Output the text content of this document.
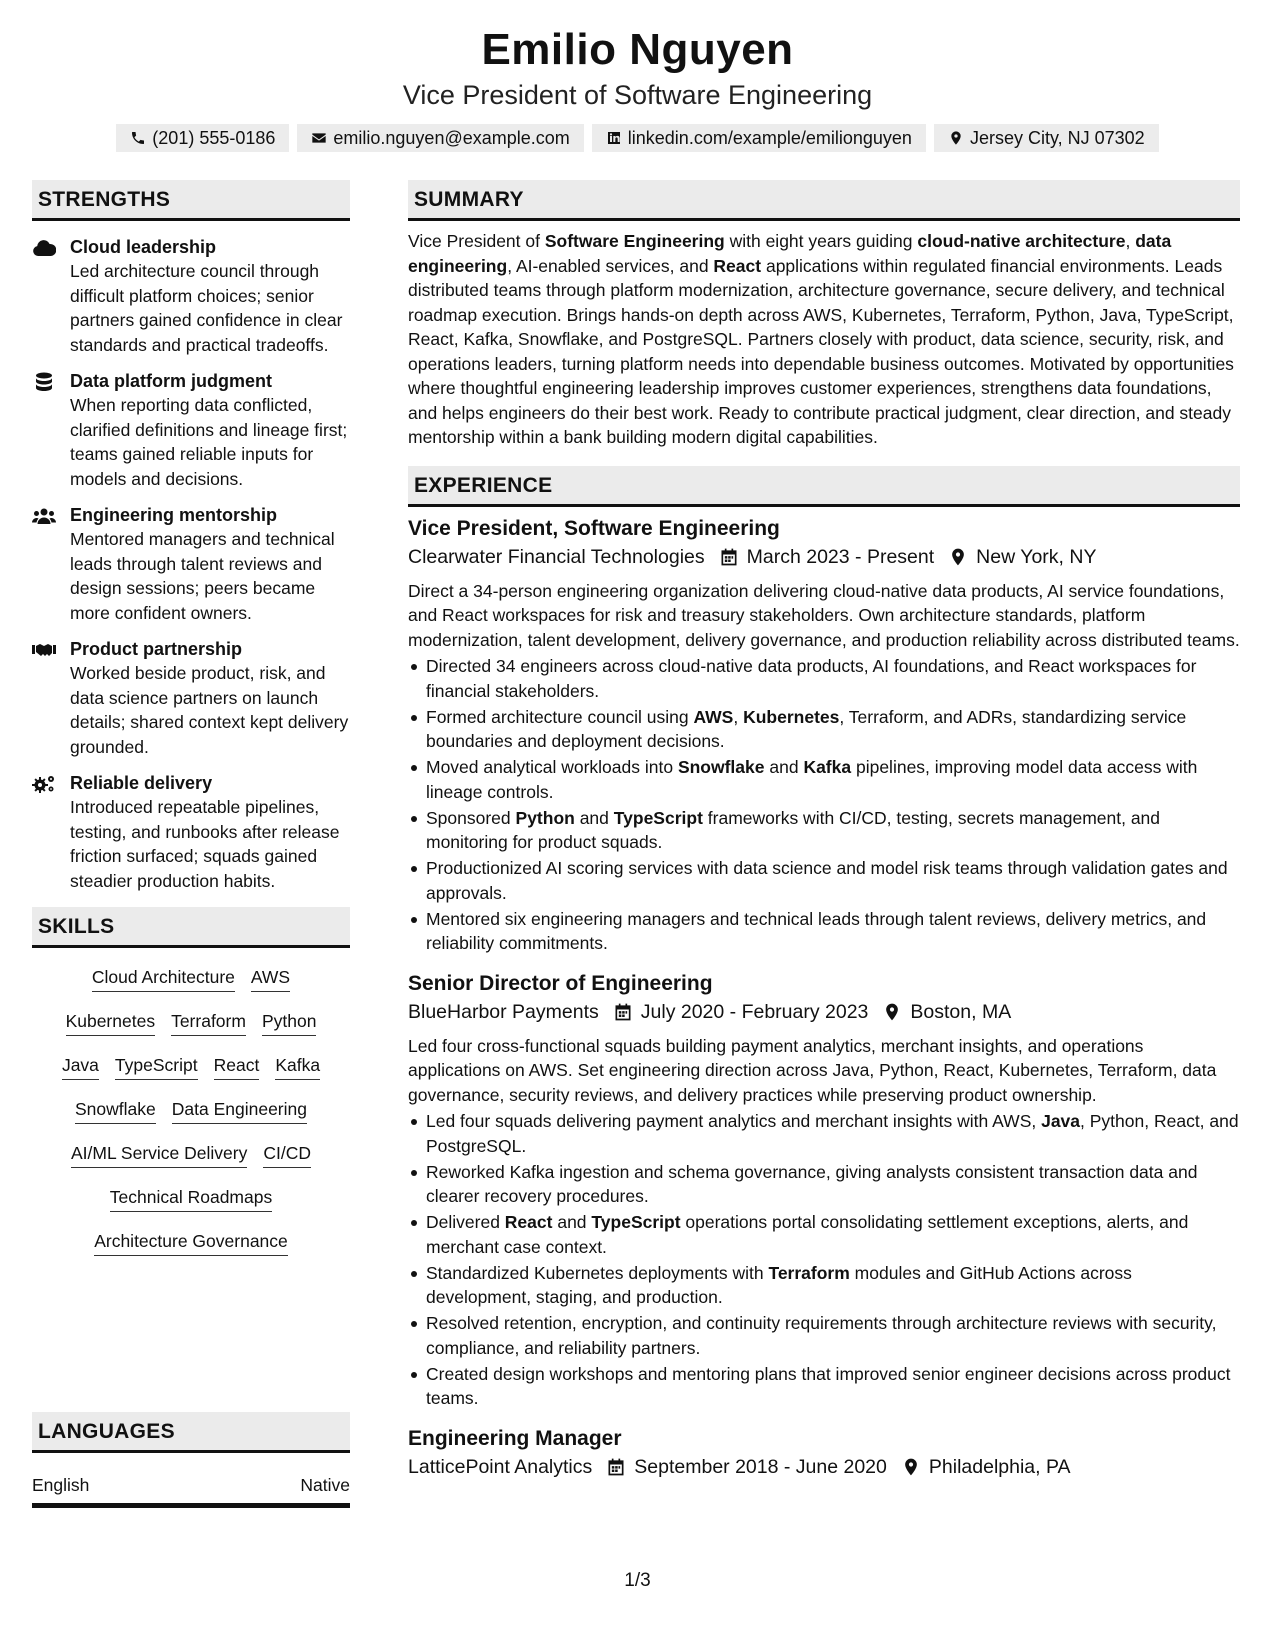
Emilio Nguyen
Vice President of Software Engineering
(201) 555-0186	emilio.nguyen@example.com	linkedin.com/example/emilionguyen	Jersey City, NJ 07302
STRENGTHS
Cloud leadership
Led architecture council through difficult platform choices; senior partners gained confidence in clear standards and practical tradeoffs.
Data platform judgment
When reporting data conflicted, clarified definitions and lineage first; teams gained reliable inputs for models and decisions.
Engineering mentorship
Mentored managers and technical leads through talent reviews and design sessions; peers became more confident owners.
Product partnership
Worked beside product, risk, and data science partners on launch details; shared context kept delivery grounded.
Reliable delivery
Introduced repeatable pipelines, testing, and runbooks after release friction surfaced; squads gained steadier production habits.
SKILLS
Cloud Architecture AWS
Kubernetes Terraform Python
Java TypeScript React Kafka
Snowflake Data Engineering
AI/ML Service Delivery CI/CD
Technical Roadmaps
Architecture Governance
LANGUAGES
English	Native
SUMMARY

Vice President of Software Engineering with eight years guiding cloud-native architecture, data engineering, AI-enabled services, and React applications within regulated financial environments. Leads distributed teams through platform modernization, architecture governance, secure delivery, and technical roadmap execution. Brings hands-on depth across AWS, Kubernetes, Terraform, Python, Java, TypeScript, React, Kafka, Snowflake, and PostgreSQL. Partners closely with product, data science, security, risk, and operations leaders, turning platform needs into dependable business outcomes. Motivated by opportunities where thoughtful engineering leadership improves customer experiences, strengthens data foundations, and helps engineers do their best work. Ready to contribute practical judgment, clear direction, and steady mentorship within a bank building modern digital capabilities.

EXPERIENCE
Vice President, Software Engineering
Clearwater Financial Technologies March 2023 - Present New York, NY
Direct a 34-person engineering organization delivering cloud-native data products, AI service foundations, and React workspaces for risk and treasury stakeholders. Own architecture standards, platform modernization, talent development, delivery governance, and production reliability across distributed teams.
Directed 34 engineers across cloud-native data products, AI foundations, and React workspaces for financial stakeholders.
Formed architecture council using AWS, Kubernetes, Terraform, and ADRs, standardizing service boundaries and deployment decisions.
Moved analytical workloads into Snowflake and Kafka pipelines, improving model data access with lineage controls.
Sponsored Python and TypeScript frameworks with CI/CD, testing, secrets management, and monitoring for product squads.
Productionized AI scoring services with data science and model risk teams through validation gates and approvals.
Mentored six engineering managers and technical leads through talent reviews, delivery metrics, and reliability commitments.
Senior Director of Engineering
BlueHarbor Payments July 2020 - February 2023 Boston, MA
Led four cross-functional squads building payment analytics, merchant insights, and operations applications on AWS. Set engineering direction across Java, Python, React, Kubernetes, Terraform, data governance, security reviews, and delivery practices while preserving product ownership.
Led four squads delivering payment analytics and merchant insights with AWS, Java, Python, React, and PostgreSQL.
Reworked Kafka ingestion and schema governance, giving analysts consistent transaction data and clearer recovery procedures.
Delivered React and TypeScript operations portal consolidating settlement exceptions, alerts, and merchant case context.
Standardized Kubernetes deployments with Terraform modules and GitHub Actions across development, staging, and production.
Resolved retention, encryption, and continuity requirements through architecture reviews with security, compliance, and reliability partners.
Created design workshops and mentoring plans that improved senior engineer decisions across product teams.
Engineering Manager
LatticePoint Analytics September 2018 - June 2020 Philadelphia, PA
1/3
